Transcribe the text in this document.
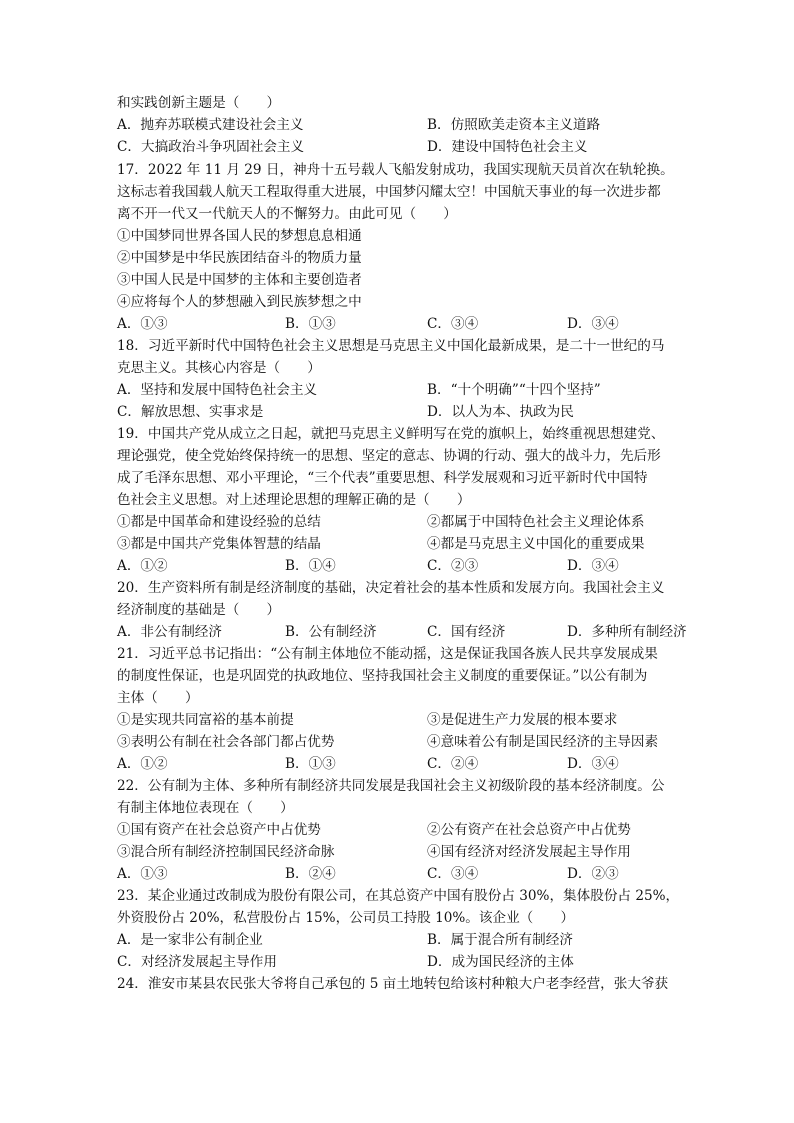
和实践创新主题是（　　）
A．抛弃苏联模式建设社会主义	B．仿照欧美走资本主义道路
C．大搞政治斗争巩固社会主义	D．建设中国特色社会主义
17．2022 年 11 月 29 日，神舟十五号载人飞船发射成功，我国实现航天员首次在轨轮换。
这标志着我国载人航天工程取得重大进展，中国梦闪耀太空！中国航天事业的每一次进步都
离不开一代又一代航天人的不懈努力。由此可见（　　）
①中国梦同世界各国人民的梦想息息相通
②中国梦是中华民族团结奋斗的物质力量
③中国人民是中国梦的主体和主要创造者
④应将每个人的梦想融入到民族梦想之中
A．①③	B．①③	C．③④	D．③④
18．习近平新时代中国特色社会主义思想是马克思主义中国化最新成果，是二十一世纪的马
克思主义。其核心内容是（　　）
A．坚持和发展中国特色社会主义	B．“十个明确”“十四个坚持”
C．解放思想、实事求是	D．以人为本、执政为民
19．中国共产党从成立之日起，就把马克思主义鲜明写在党的旗帜上，始终重视思想建党、
理论强党，使全党始终保持统一的思想、坚定的意志、协调的行动、强大的战斗力，先后形
成了毛泽东思想、邓小平理论，“三个代表”重要思想、科学发展观和习近平新时代中国特
色社会主义思想。对上述理论思想的理解正确的是（　　）
①都是中国革命和建设经验的总结	②都属于中国特色社会主义理论体系
③都是中国共产党集体智慧的结晶	④都是马克思主义中国化的重要成果
A．①②	B．①④	C．②③	D．③④
20．生产资料所有制是经济制度的基础，决定着社会的基本性质和发展方向。我国社会主义
经济制度的基础是（　　）
A．非公有制经济	B．公有制经济	C．国有经济	D．多种所有制经济
21．习近平总书记指出：“公有制主体地位不能动摇，这是保证我国各族人民共享发展成果
的制度性保证，也是巩固党的执政地位、坚持我国社会主义制度的重要保证。”以公有制为
主体（　　）
①是实现共同富裕的基本前提	③是促进生产力发展的根本要求
③表明公有制在社会各部门都占优势	④意味着公有制是国民经济的主导因素
A．①②	B．①③	C．②④	D．③④
22．公有制为主体、多种所有制经济共同发展是我国社会主义初级阶段的基本经济制度。公
有制主体地位表现在（　　）
①国有资产在社会总资产中占优势	②公有资产在社会总资产中占优势
③混合所有制经济控制国民经济命脉	④国有经济对经济发展起主导作用
A．①③	B．②④	C．③④	D．②③
23．某企业通过改制成为股份有限公司，在其总资产中国有股份占 30%，集体股份占 25%，
外资股份占 20%，私营股份占 15%，公司员工持股 10%。该企业（　　）
A．是一家非公有制企业	B．属于混合所有制经济
C．对经济发展起主导作用	D．成为国民经济的主体
24．淮安市某县农民张大爷将自己承包的 5 亩土地转包给该村种粮大户老李经营，张大爷获
